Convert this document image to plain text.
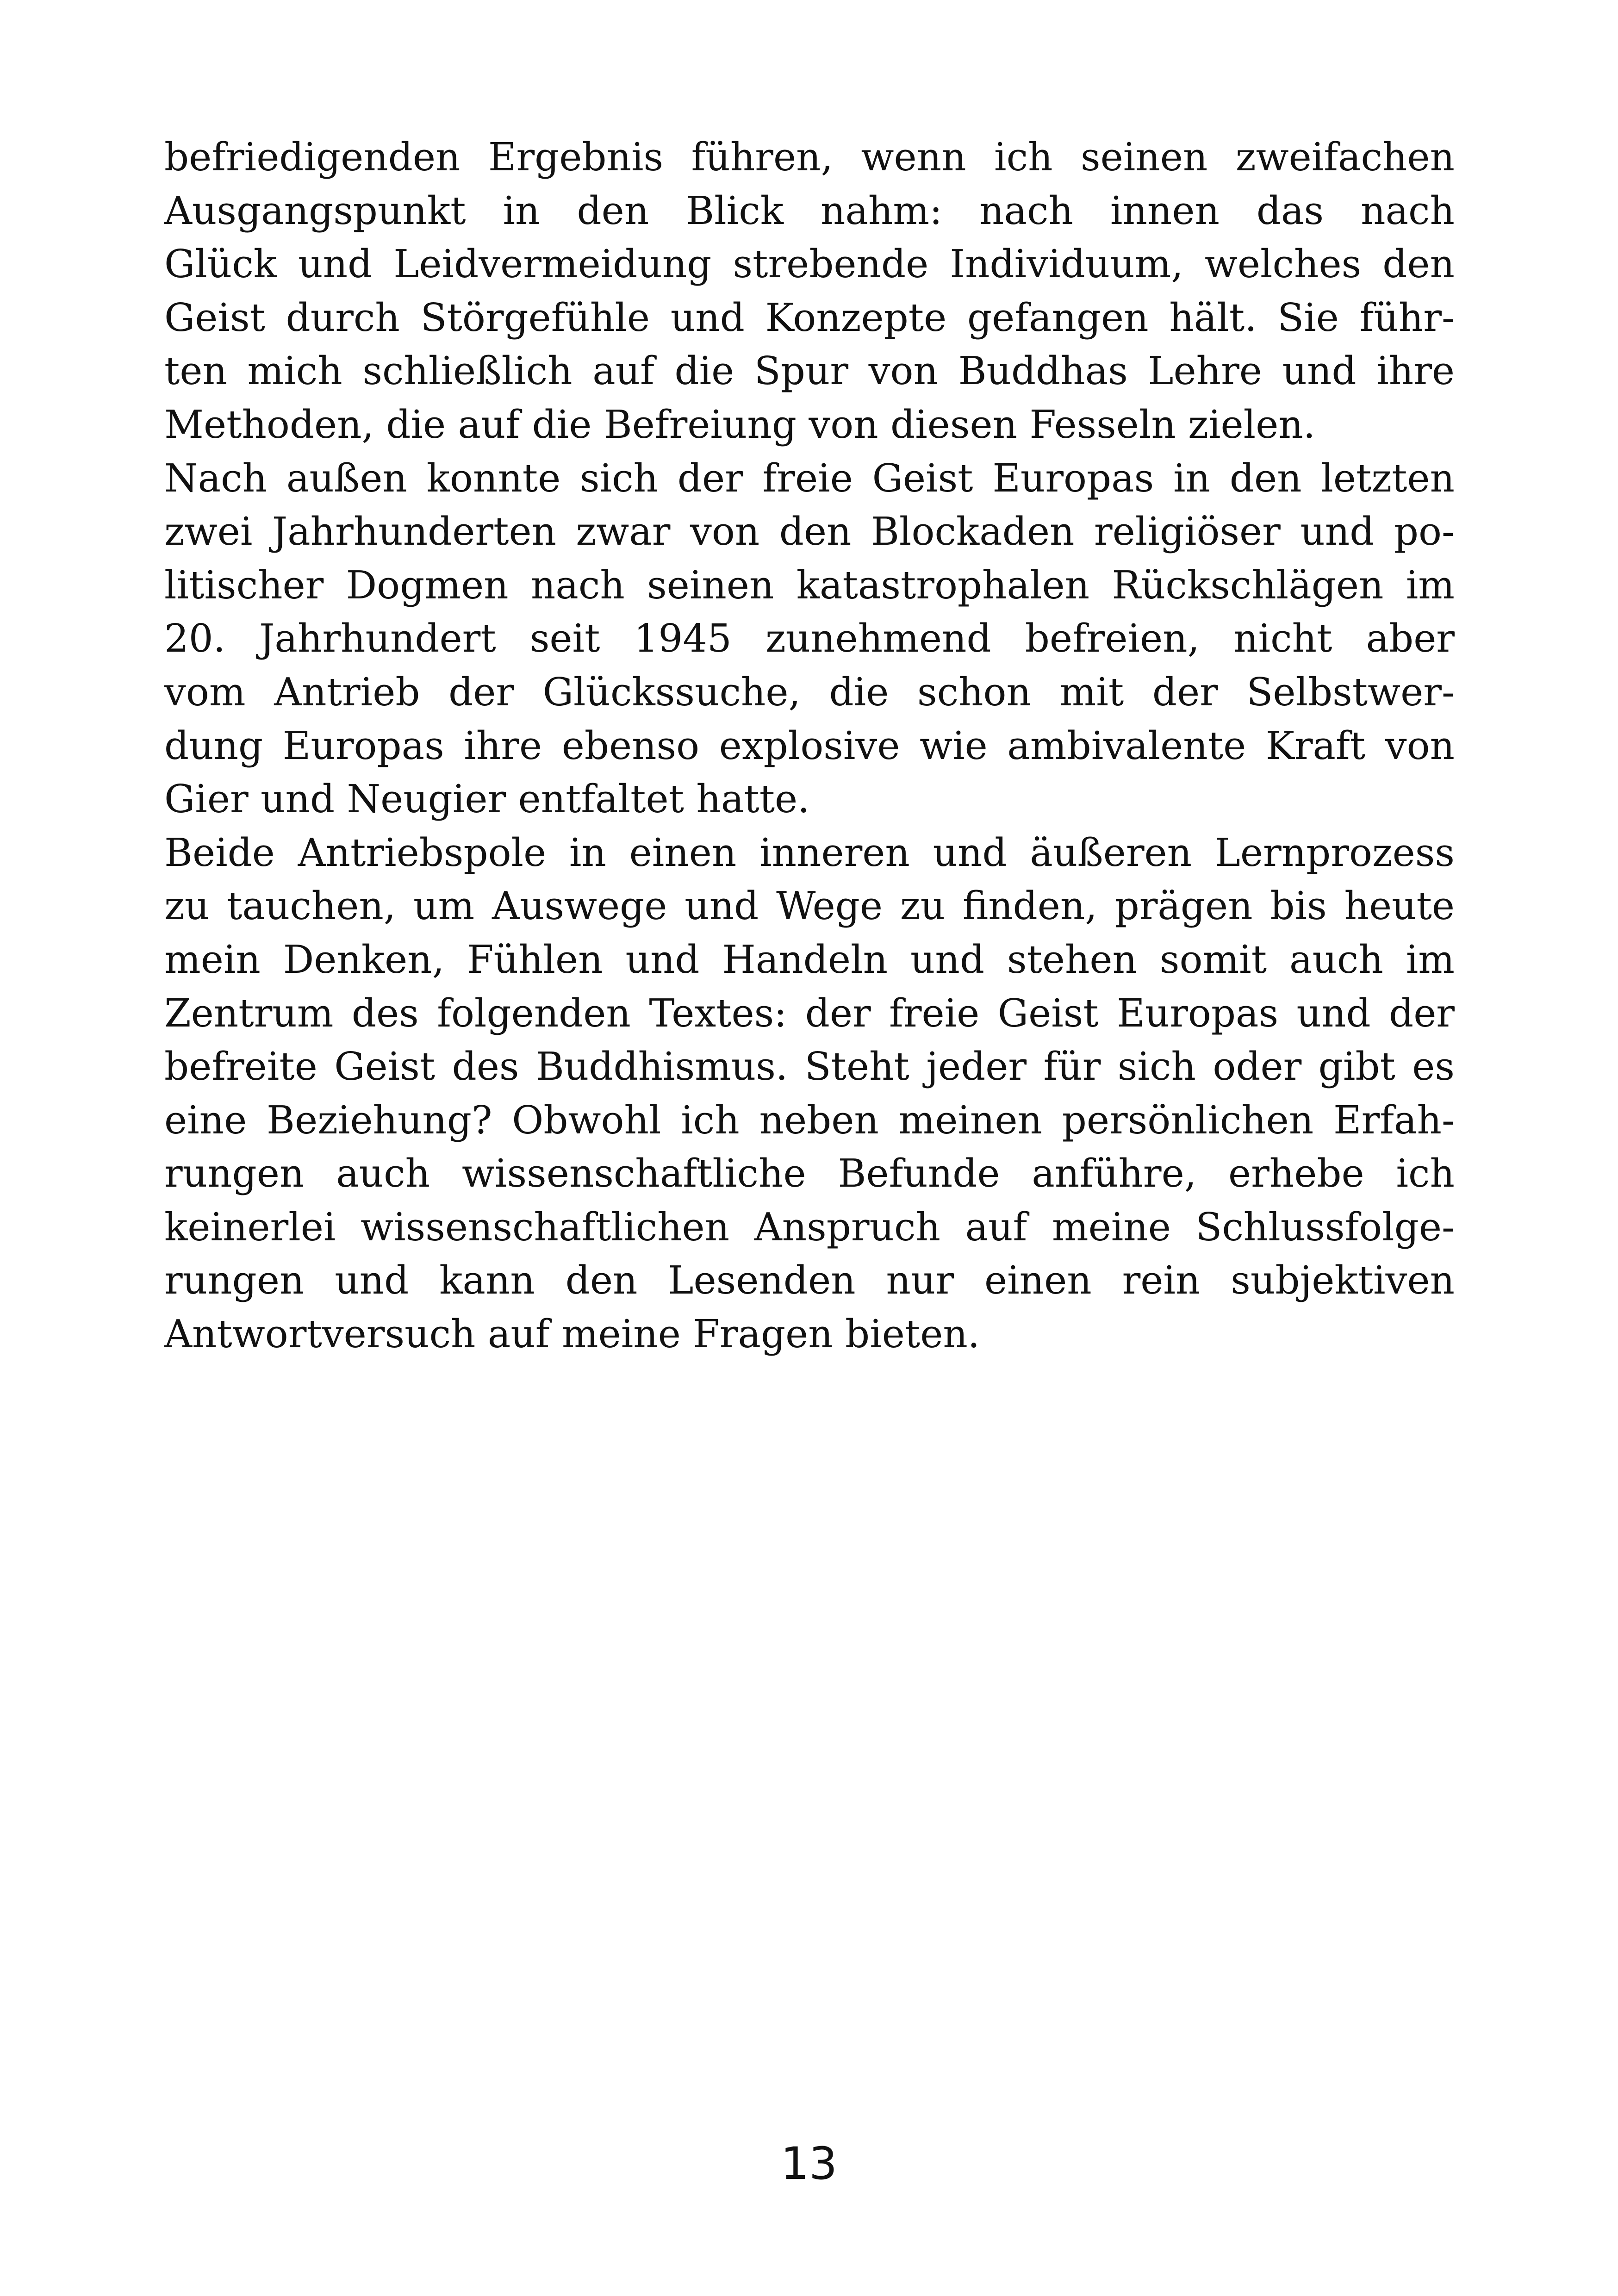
befriedigenden Ergebnis führen, wenn ich seinen zweifachen
Ausgangspunkt in den Blick nahm: nach innen das nach
Glück und Leidvermeidung strebende Individuum, welches den
Geist durch Störgefühle und Konzepte gefangen hält. Sie führ-
ten mich schließlich auf die Spur von Buddhas Lehre und ihre
Methoden, die auf die Befreiung von diesen Fesseln zielen.
Nach außen konnte sich der freie Geist Europas in den letzten
zwei Jahrhunderten zwar von den Blockaden religiöser und po-
litischer Dogmen nach seinen katastrophalen Rückschlägen im
20. Jahrhundert seit 1945 zunehmend befreien, nicht aber
vom Antrieb der Glückssuche, die schon mit der Selbstwer-
dung Europas ihre ebenso explosive wie ambivalente Kraft von
Gier und Neugier entfaltet hatte.
Beide Antriebspole in einen inneren und äußeren Lernprozess
zu tauchen, um Auswege und Wege zu finden, prägen bis heute
mein Denken, Fühlen und Handeln und stehen somit auch im
Zentrum des folgenden Textes: der freie Geist Europas und der
befreite Geist des Buddhismus. Steht jeder für sich oder gibt es
eine Beziehung? Obwohl ich neben meinen persönlichen Erfah-
rungen auch wissenschaftliche Befunde anführe, erhebe ich
keinerlei wissenschaftlichen Anspruch auf meine Schlussfolge-
rungen und kann den Lesenden nur einen rein subjektiven
Antwortversuch auf meine Fragen bieten.
13
